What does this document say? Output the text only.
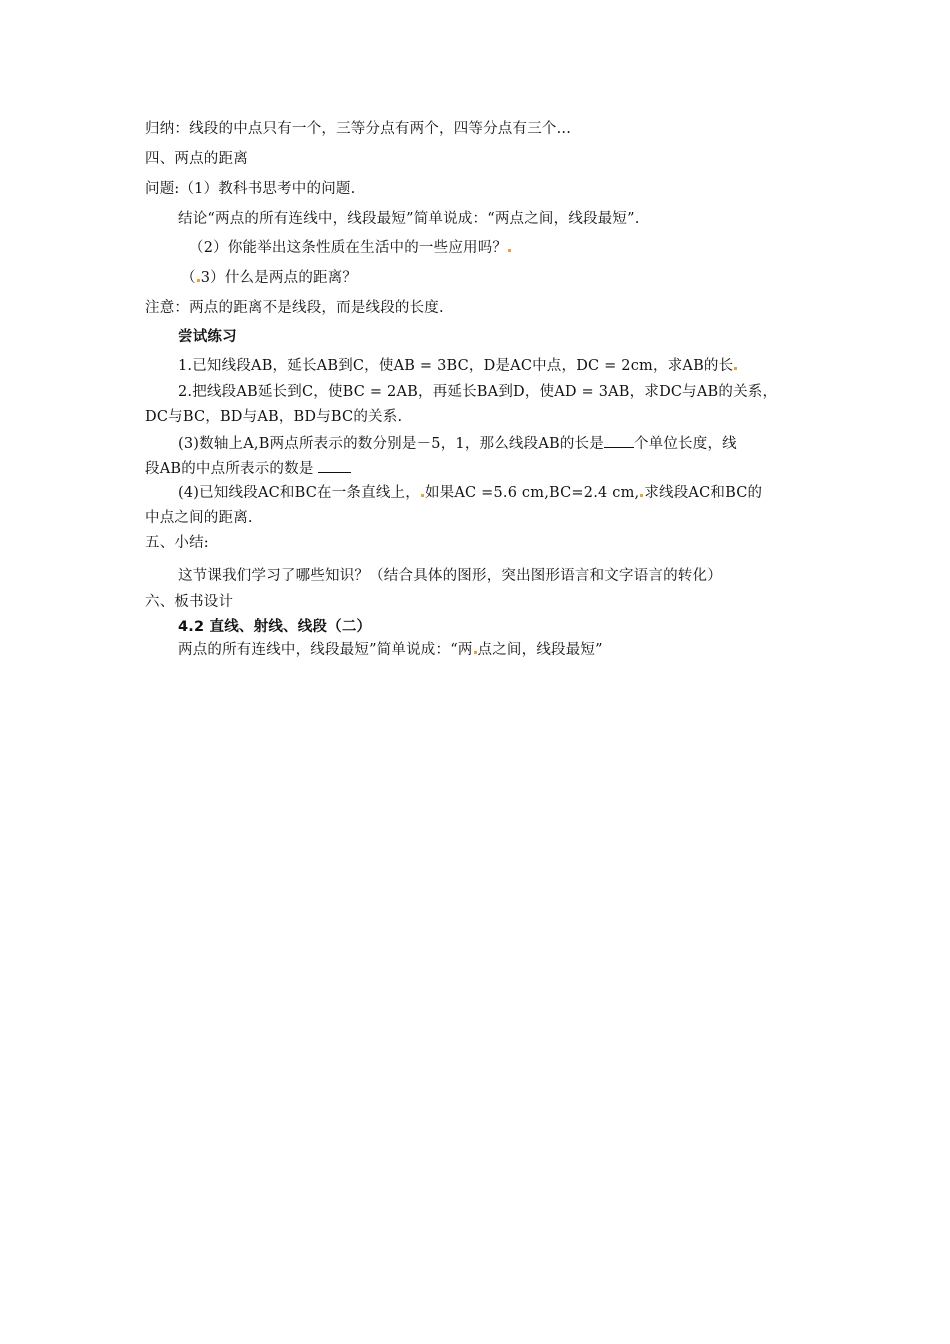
归纳：线段的中点只有一个，三等分点有两个，四等分点有三个...
四、两点的距离
问题:（1）教科书思考中的问题.
结论“两点的所有连线中，线段最短”简单说成：“两点之间，线段最短”.
（2）你能举出这条性质在生活中的一些应用吗？
（ 3）什么是两点的距离？
注意：两点的距离不是线段，而是线段的长度.
尝试练习
1.已知线段AB，延长AB到C，使AB = 3BC，D是AC中点，DC = 2cm，求AB的长
2.把线段AB延长到C，使BC = 2AB，再延长BA到D，使AD = 3AB，求DC与AB的关系，
DC与BC，BD与AB，BD与BC的关系.
(3)数轴上A,B两点所表示的数分别是－5，1，那么线段AB的长是 个单位长度，线
段AB的中点所表示的数是
(4)已知线段AC和BC在一条直线上， 如果AC =5.6 cm,BC=2.4 cm, 求线段AC和BC的
中点之间的距离.
五、小结:
这节课我们学习了哪些知识？（结合具体的图形，突出图形语言和文字语言的转化）
六、板书设计
4.2 直线、射线、线段（二）
两点的所有连线中，线段最短”简单说成：“两 点之间，线段最短”
